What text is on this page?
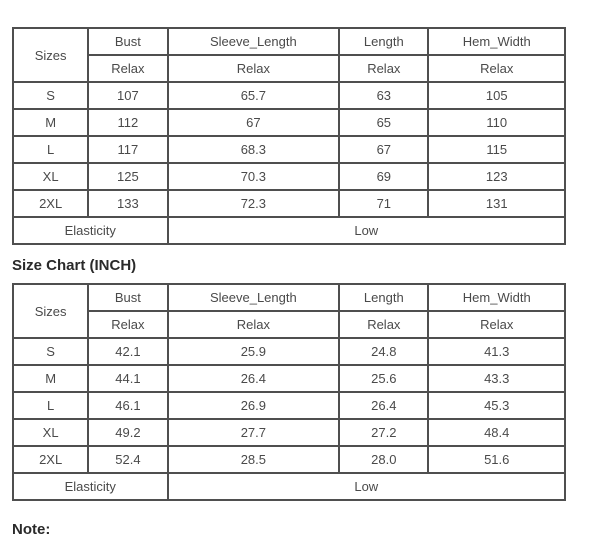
Sizes	Bust	Sleeve_Length	Length	Hem_Width
	Relax	Relax	Relax	Relax
S	107	65.7	63	105
M	112	67	65	110
L	117	68.3	67	115
XL	125	70.3	69	123
2XL	133	72.3	71	131
Elasticity		Low		
Size Chart (INCH)
Sizes	Bust	Sleeve_Length	Length	Hem_Width
	Relax	Relax	Relax	Relax
S	42.1	25.9	24.8	41.3
M	44.1	26.4	25.6	43.3
L	46.1	26.9	26.4	45.3
XL	49.2	27.7	27.2	48.4
2XL	52.4	28.5	28.0	51.6
Elasticity		Low		

Note:
